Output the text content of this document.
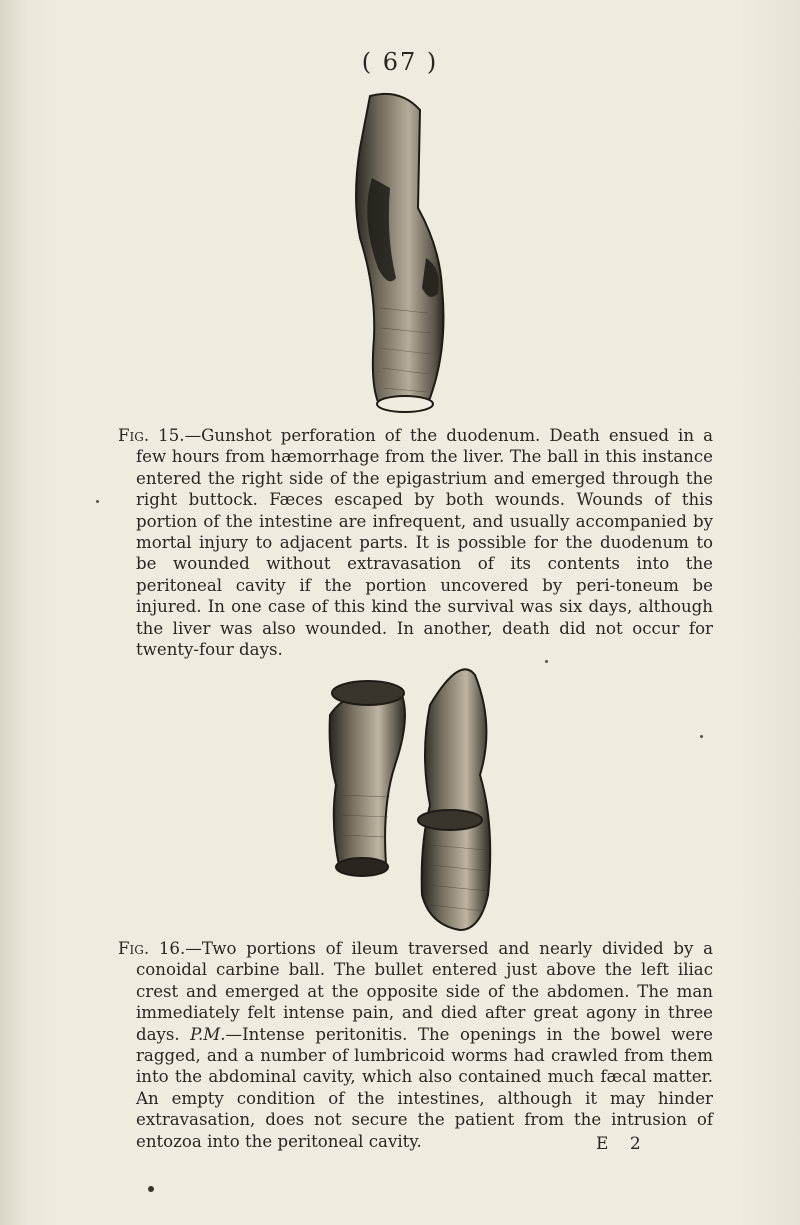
( 67 )
Fig. 15.—Gunshot perforation of the duodenum. Death ensued in a few hours from hæmorrhage from the liver. The ball in this instance entered the right side of the epigastrium and emerged through the right buttock. Fæces escaped by both wounds. Wounds of this portion of the intestine are infrequent, and usually accompanied by mortal injury to adjacent parts. It is possible for the duodenum to be wounded without extravasation of its contents into the peritoneal cavity if the portion uncovered by peri-toneum be injured. In one case of this kind the survival was six days, although the liver was also wounded. In another, death did not occur for twenty-four days.
Fig. 16.—Two portions of ileum traversed and nearly divided by a conoidal carbine ball. The bullet entered just above the left iliac crest and emerged at the opposite side of the abdomen. The man immediately felt intense pain, and died after great agony in three days. P.M.—Intense peritonitis. The openings in the bowel were ragged, and a number of lumbricoid worms had crawled from them into the abdominal cavity, which also contained much fæcal matter. An empty condition of the intestines, although it may hinder extravasation, does not secure the patient from the intrusion of entozoa into the peritoneal cavity.	E 2
